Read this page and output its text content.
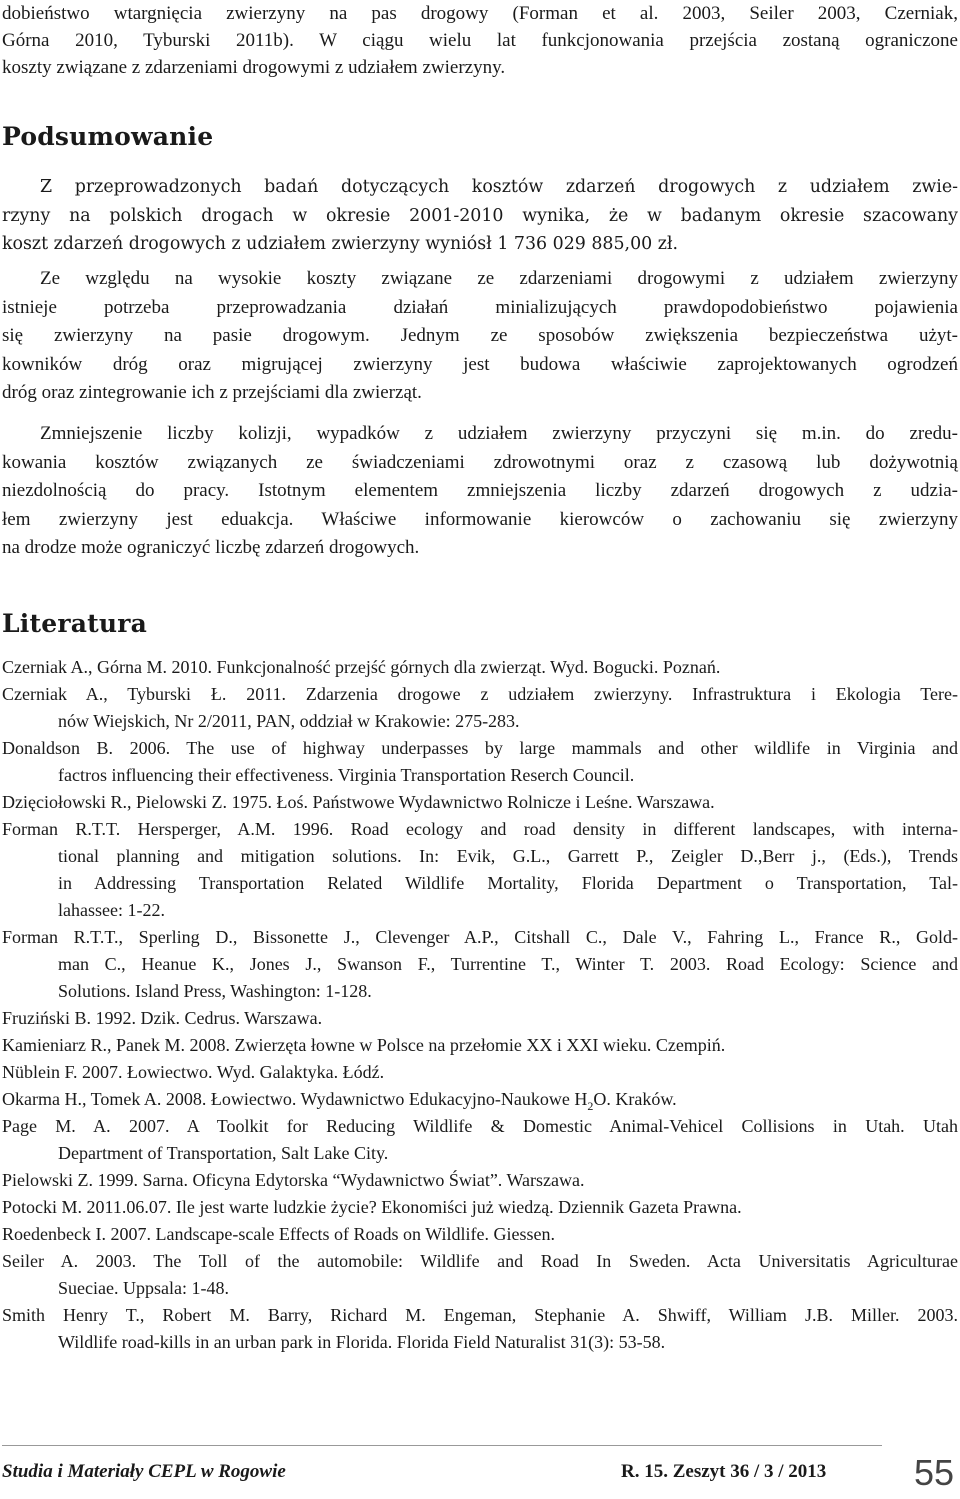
dobieństwo wtargnięcia zwierzyny na pas drogowy (Forman et al. 2003, Seiler 2003, Czerniak,
Górna 2010, Tyburski 2011b). W ciągu wielu lat funkcjonowania przejścia zostaną ograniczone
koszty związane z zdarzeniami drogowymi z udziałem zwierzyny.

Podsumowanie

Z przeprowadzonych badań dotyczących kosztów zdarzeń drogowych z udziałem zwie-
rzyny na polskich drogach w okresie 2001-2010 wynika, że w badanym okresie szacowany
koszt zdarzeń drogowych z udziałem zwierzyny wyniósł 1 736 029 885,00 zł.

Ze względu na wysokie koszty związane ze zdarzeniami drogowymi z udziałem zwierzyny
istnieje potrzeba przeprowadzania działań minializujących prawdopodobieństwo pojawienia
się zwierzyny na pasie drogowym. Jednym ze sposobów zwiększenia bezpieczeństwa użyt-
kowników dróg oraz migrującej zwierzyny jest budowa właściwie zaprojektowanych ogrodzeń
dróg oraz zintegrowanie ich z przejściami dla zwierząt.

Zmniejszenie liczby kolizji, wypadków z udziałem zwierzyny przyczyni się m.in. do zredu-
kowania kosztów związanych ze świadczeniami zdrowotnymi oraz z czasową lub dożywotnią
niezdolnością do pracy. Istotnym elementem zmniejszenia liczby zdarzeń drogowych z udzia-
łem zwierzyny jest eduakcja. Właściwe informowanie kierowców o zachowaniu się zwierzyny
na drodze może ograniczyć liczbę zdarzeń drogowych.

Literatura

Czerniak A., Górna M. 2010. Funkcjonalność przejść górnych dla zwierząt. Wyd. Bogucki. Poznań.

Czerniak A., Tyburski Ł. 2011. Zdarzenia drogowe z udziałem zwierzyny. Infrastruktura i Ekologia Tere-
nów Wiejskich, Nr 2/2011, PAN, oddział w Krakowie: 275-283.

Donaldson B. 2006. The use of highway underpasses by large mammals and other wildlife in Virginia and
factros influencing their effectiveness. Virginia Transportation Reserch Council.

Dzięciołowski R., Pielowski Z. 1975. Łoś. Państwowe Wydawnictwo Rolnicze i Leśne. Warszawa.

Forman R.T.T. Hersperger, A.M. 1996. Road ecology and road density in different landscapes, with interna-
tional planning and mitigation solutions. In: Evik, G.L., Garrett P., Zeigler D.,Berr j., (Eds.), Trends
in Addressing Transportation Related Wildlife Mortality, Florida Department o Transportation, Tal-
lahassee: 1-22.

Forman R.T.T., Sperling D., Bissonette J., Clevenger A.P., Citshall C., Dale V., Fahring L., France R., Gold-
man C., Heanue K., Jones J., Swanson F., Turrentine T., Winter T. 2003. Road Ecology: Science and
Solutions. Island Press, Washington: 1-128.

Fruziński B. 1992. Dzik. Cedrus. Warszawa.

Kamieniarz R., Panek M. 2008. Zwierzęta łowne w Polsce na przełomie XX i XXI wieku. Czempiń.

Nüblein F. 2007. Łowiectwo. Wyd. Galaktyka. Łódź.

Okarma H., Tomek A. 2008. Łowiectwo. Wydawnictwo Edukacyjno-Naukowe $H_2O$. Kraków.

Page M. A. 2007. A Toolkit for Reducing Wildlife & Domestic Animal-Vehicel Collisions in Utah. Utah
Department of Transportation, Salt Lake City.

Pielowski Z. 1999. Sarna. Oficyna Edytorska “Wydawnictwo Świat”. Warszawa.

Potocki M. 2011.06.07. Ile jest warte ludzkie życie? Ekonomiści już wiedzą. Dziennik Gazeta Prawna.

Roedenbeck I. 2007. Landscape-scale Effects of Roads on Wildlife. Giessen.

Seiler A. 2003. The Toll of the automobile: Wildlife and Road In Sweden. Acta Universitatis Agriculturae
Sueciae. Uppsala: 1-48.

Smith Henry T., Robert M. Barry, Richard M. Engeman, Stephanie A. Shwiff, William J.B. Miller. 2003.
Wildlife road-kills in an urban park in Florida. Florida Field Naturalist 31(3): 53-58.

Studia i Materiały CEPL w Rogowie	R. 15. Zeszyt 36 / 3 / 2013 55
